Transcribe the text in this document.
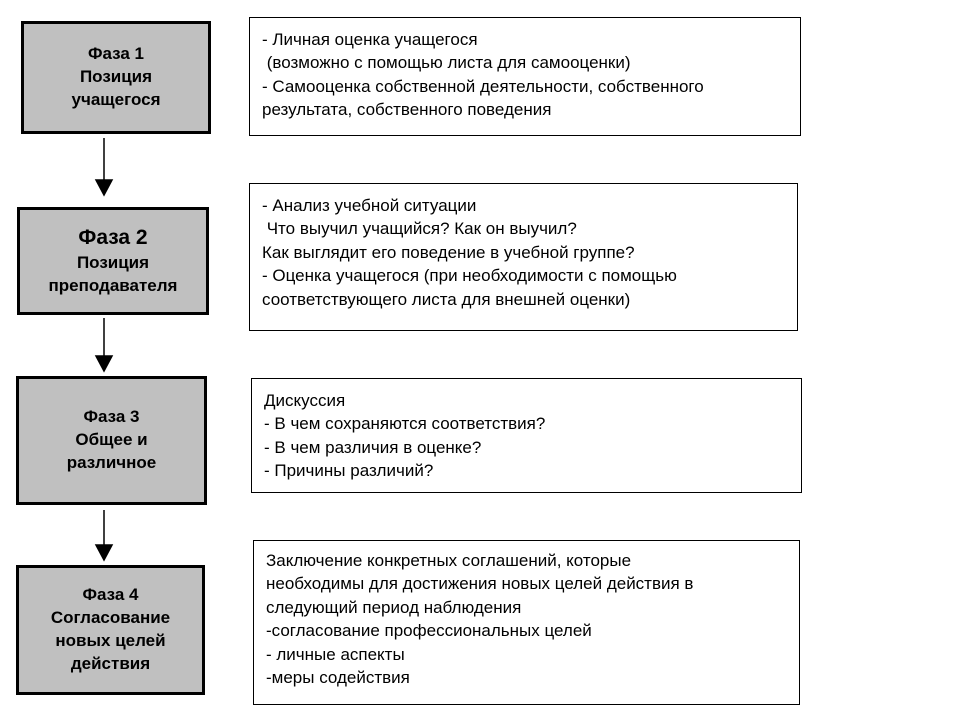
Фаза 1
Позиция
учащегося
- Личная оценка учащегося
(возможно с помощью листа для самооценки)
- Самооценка собственной деятельности, собственного
результата, собственного поведения
Фаза 2
Позиция
преподавателя
- Анализ учебной ситуации
Что выучил учащийся? Как он выучил?
Как выглядит его поведение в учебной группе?
- Оценка учащегося (при необходимости с помощью
соответствующего листа для внешней оценки)
Фаза 3
Общее и
различное
Дискуссия
- В чем сохраняются соответствия?
- В чем различия в оценке?
- Причины различий?
Фаза 4
Согласование
новых целей
действия
Заключение конкретных соглашений, которые
необходимы для достижения новых целей действия в
следующий период наблюдения
-согласование профессиональных целей
- личные аспекты
-меры содействия
